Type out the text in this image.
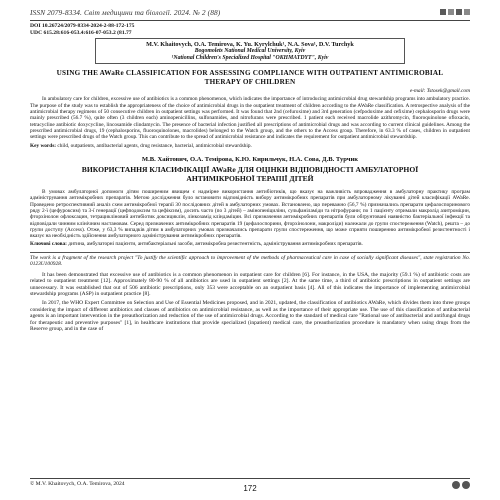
ISSN 2079-8334. Світ медицини та біології. 2024. № 2 (88)
DOI 10.26724/2079-8334-2024-2-88-172-175
UDC 615.28:616-053.4:616-07-053.2 (81.77
M.V. Khaitovych, O.A. Temirova, K. Yu. Kyrylchuk¹, N.A. Sova¹, D.V. Turchyk
Bogomolets National Medical University, Kyiv
¹National Children's Specialized Hospital "OKHMATDYT", Kyiv
USING THE AWaRe CLASSIFICATION FOR ASSESSING COMPLIANCE WITH OUTPATIENT ANTIMICROBIAL THERAPY OF CHILDREN
e-mail: Tstosek@gmail.com
In ambulatory care for children, excessive use of antibiotics is a common phenomenon, which indicates the importance of introducing antimicrobial drug stewardship programs into ambulatory practice. The purpose of the study was to establish the appropriateness of the choice of antimicrobial drugs in the outpatient treatment of children according to the AWaRe classification. A retrospective analysis of the antimicrobial therapy regimens of 50 consecutive children in outpatient settings was performed. It was found that 2nd (cefuroxime) and 3rd generation (cefpodoxime and cefixime) cephalosporin drugs were mainly prescribed (56.7 %), quite often (3 children each) aminopenicillins, sulfonamides, and nitrofurans were prescribed. 1 patient each received macrolide azithromycin, fluoroquinolone ofloxacin, tetracycline antibiotic doxycycline, lincosamide clindamycin. The presence of bacterial infection justified all prescriptions of antimicrobial drugs and was according to current clinical guidelines. Among the prescribed antimicrobial drugs, 19 (cephalosporins, fluoroquinolones, macrolides) belonged to the Watch group, and the others to the Access group. Therefore, in 63.3 % of cases, children in outpatient settings were prescribed drugs of the Watch group. This can contribute to the spread of antimicrobial resistance and indicates the requirement for outpatient antimicrobial stewardship.
Key words: child, outpatients, antibacterial agents, drug resistance, bacterial, antimicrobial stewardship.
М.В. Хайтович, О.А. Темірова, К.Ю. Кирильчук, Н.А. Сова, Д.В. Турчик
ВИКОРИСТАННЯ КЛАСИФІКАЦІЇ AWaRe ДЛЯ ОЦІНКИ ВІДПОВІДНОСТІ АМБУЛАТОРНОЇ АНТИМІКРОБНОЇ ТЕРАПІЇ ДІТЕЙ
В умовах амбулаторної допомоги дітям поширеним явищем є надмірне використання антибіотиків, що вказує на важливість впровадження в амбулаторну практику програм адміністрування антимікробних препаратів. Метою дослідження було встановити відповідність вибору антимікробних препаратів при амбулаторному лікуванні дітей класифікації AWaRe. Проведено ретроспективний аналіз схем антимікробної терапії 30 послідовних дітей в амбулаторних умовах. Встановлено, що переважно (56,7 %) призначались препарати цефалоспоринового ряду 2-ї (цефуроксим) та 3-ї генерації (цефподоксим та цефіксим), досить часто (по 3 дітей) – амінопеніциліни, сульфаніламіди та нітрофурани; по 1 пацієнту отримали макролід азитроміцин, фторхінолон офлоксацин, тетрацикліновий антибіотик доксициклін, лінкозамід кліндаміцин. Всі призначення антимікробних препаратів були обґрунтовані наявністю бактеріальної інфекції та відповідали чинним клінічним настановам. Серед призначених антимікробних препаратів 19 (цефалоспорини, фторхінолони, макроліди) належали до групи спостереження (Watch), решта – до групи доступу (Access). Отже, у 63,3 % випадків дітям в амбулаторних умовах призначались препарати групи спостереження, що може сприяти поширенню антимікробної резистентності і вказує на необхідність здійснення амбулаторного адміністрування антимікробних препаратів.
Ключові слова: дитина, амбулаторні пацієнти, антибактеріальні засоби, антимікробна резистентність, адміністрування антимікробних препаратів.
The work is a fragment of the research project "To justify the scientific approach to improvement of the methods of pharmaceutical care in case of socially significant diseases", state registration No. 0123U100928.

It has been demonstrated that excessive use of antibiotics is a common phenomenon in outpatient care for children [6]. For instance, in the USA, the majority (59.1 %) of antibiotic costs are related to outpatient treatment [12]. Approximately 80-90 % of all antibiotics are used in outpatient settings [2]. At the same time, a third of antibiotic prescriptions in outpatient settings are unnecessary. It was established that out of 506 antibiotic prescriptions, only 353 were acceptable on an outpatient basis [4]. All of this indicates the importance of implementing antimicrobial stewardship programs (ASP) in outpatient practice [8].

In 2017, the WHO Expert Committee on Selection and Use of Essential Medicines proposed, and in 2021, updated, the classification of antibiotics AWaRe, which divides them into three groups considering the impact of different antibiotics and classes of antibiotics on antimicrobial resistance, as well as the importance of their appropriate use. The use of this classification of antibacterial agents is an important intervention in the preauthorization and reduction of the use of antimicrobial drugs. According to the standard of medical care "Rational use of antibacterial and antifungal drugs for therapeutic and preventive purposes" [1], in healthcare institutions that provide specialized (inpatient) medical care, the preauthorization procedure is mandatory when using drugs from the Reserve group, and in the case of

© M.V. Khaitovych, O.A. Temirova, 2024	172
